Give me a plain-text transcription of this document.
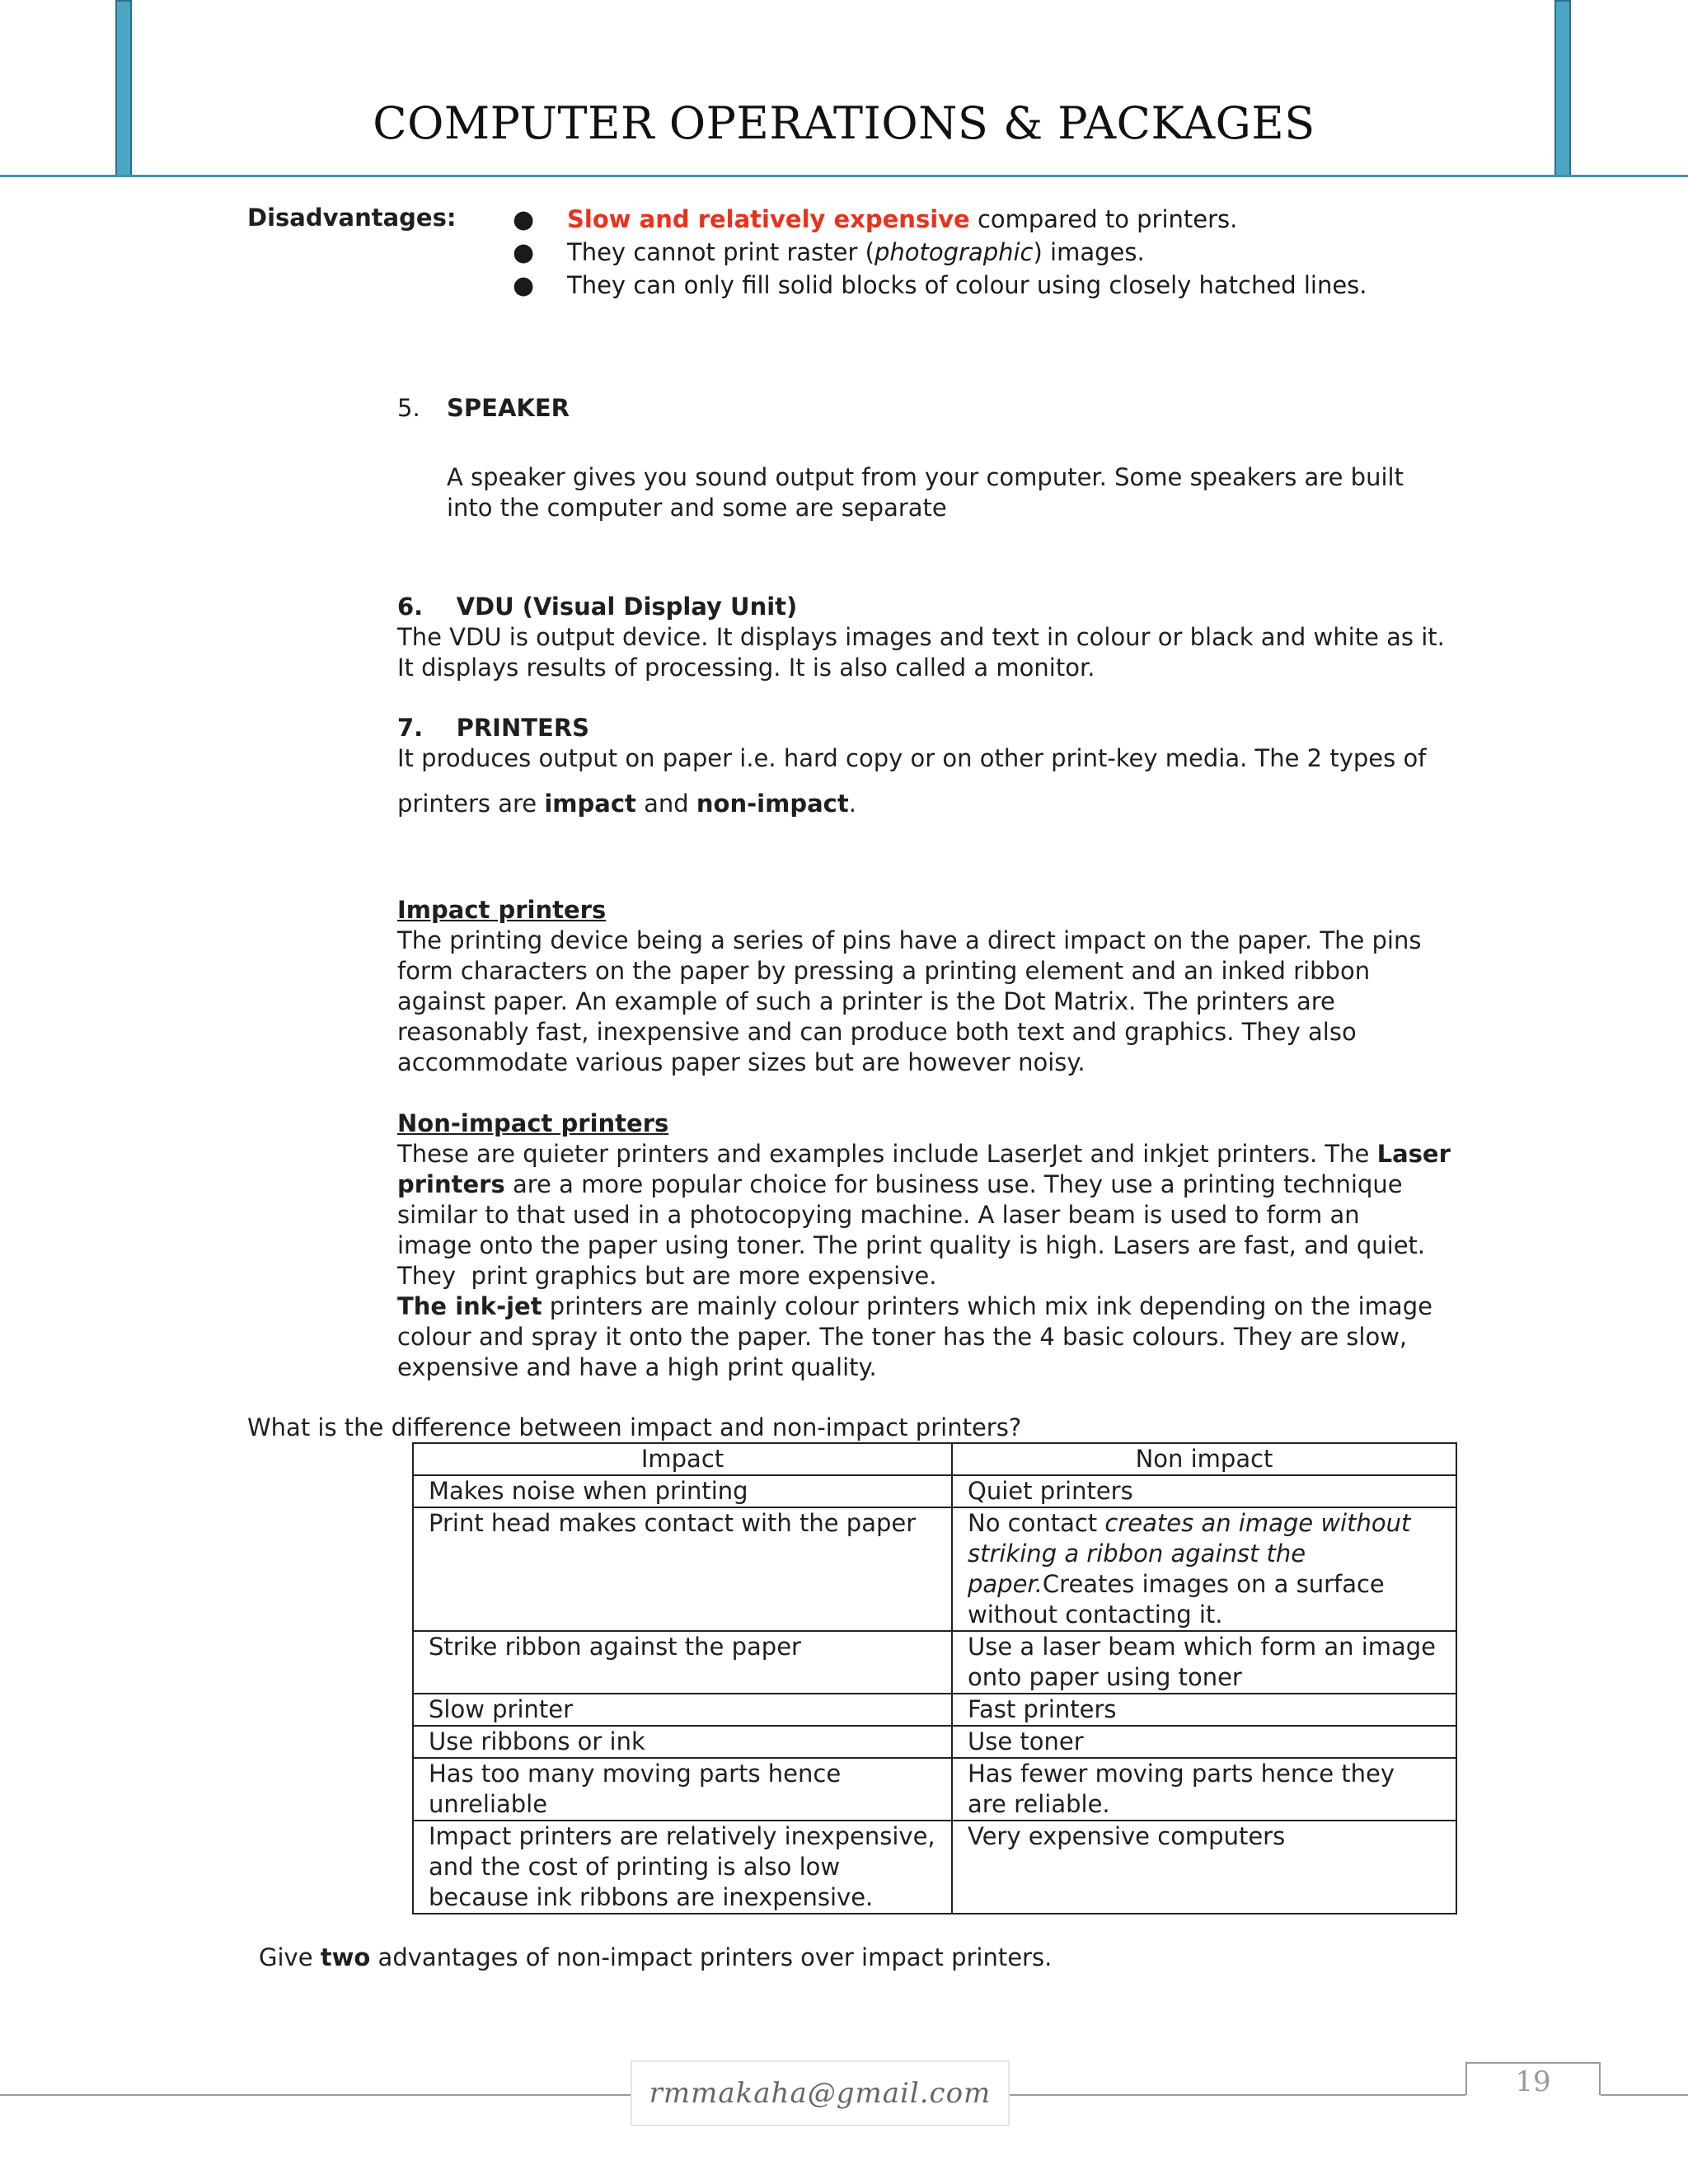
COMPUTER OPERATIONS & PACKAGES
Disadvantages: ● Slow and relatively expensive compared to printers.
● They cannot print raster (photographic) images.
● They can only fill solid blocks of colour using closely hatched lines.
5. SPEAKER
A speaker gives you sound output from your computer. Some speakers are built
into the computer and some are separate
6.    VDU (Visual Display Unit)
The VDU is output device. It displays images and text in colour or black and white as it.
It displays results of processing. It is also called a monitor.
7.    PRINTERS
It produces output on paper i.e. hard copy or on other print-key media. The 2 types of
printers are impact and non-impact.
Impact printers
The printing device being a series of pins have a direct impact on the paper. The pins
form characters on the paper by pressing a printing element and an inked ribbon
against paper. An example of such a printer is the Dot Matrix. The printers are
reasonably fast, inexpensive and can produce both text and graphics. They also
accommodate various paper sizes but are however noisy.
Non-impact printers
These are quieter printers and examples include LaserJet and inkjet printers. The Laser
printers are a more popular choice for business use. They use a printing technique
similar to that used in a photocopying machine. A laser beam is used to form an
image onto the paper using toner. The print quality is high. Lasers are fast, and quiet.
They  print graphics but are more expensive.
The ink-jet printers are mainly colour printers which mix ink depending on the image
colour and spray it onto the paper. The toner has the 4 basic colours. They are slow,
expensive and have a high print quality.
What is the difference between impact and non-impact printers?
Impact	Non impact
Makes noise when printing	Quiet printers
Print head makes contact with the paper	No contact creates an image without striking a ribbon against the paper.Creates images on a surface without contacting it.
Strike ribbon against the paper	Use a laser beam which form an image onto paper using toner
Slow printer	Fast printers
Use ribbons or ink	Use toner
Has too many moving parts hence unreliable	Has fewer moving parts hence they are reliable.
Impact printers are relatively inexpensive, and the cost of printing is also low because ink ribbons are inexpensive.	Very expensive computers
Give two advantages of non-impact printers over impact printers.
rmmakaha@gmail.com	19
